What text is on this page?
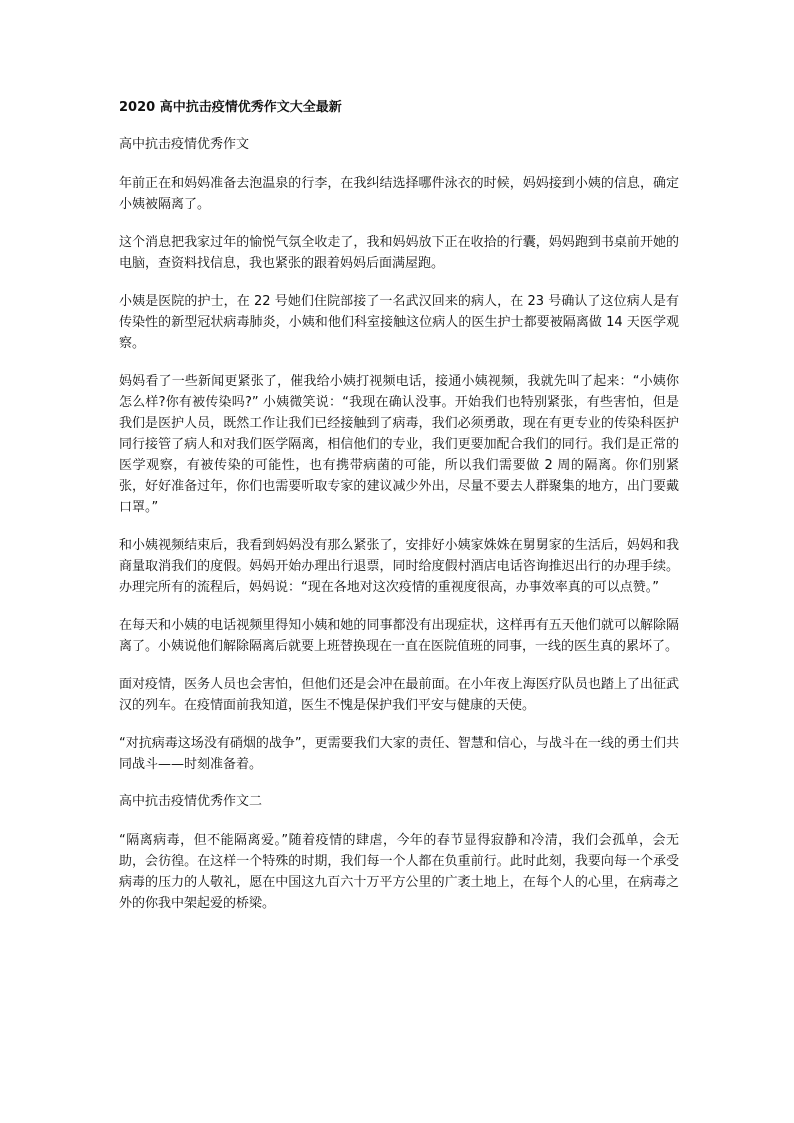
2020 高中抗击疫情优秀作文大全最新
高中抗击疫情优秀作文

年前正在和妈妈准备去泡温泉的行李，在我纠结选择哪件泳衣的时候，妈妈接到小姨的信息，确定小姨被隔离了。

这个消息把我家过年的愉悦气氛全收走了，我和妈妈放下正在收拾的行囊，妈妈跑到书桌前开她的电脑，查资料找信息，我也紧张的跟着妈妈后面满屋跑。

小姨是医院的护士，在 22 号她们住院部接了一名武汉回来的病人，在 23 号确认了这位病人是有传染性的新型冠状病毒肺炎，小姨和他们科室接触这位病人的医生护士都要被隔离做 14 天医学观察。

妈妈看了一些新闻更紧张了，催我给小姨打视频电话，接通小姨视频，我就先叫了起来：“小姨你怎么样?你有被传染吗?” 小姨微笑说：“我现在确认没事。开始我们也特别紧张，有些害怕，但是我们是医护人员，既然工作让我们已经接触到了病毒，我们必须勇敢，现在有更专业的传染科医护同行接管了病人和对我们医学隔离，相信他们的专业，我们更要加配合我们的同行。我们是正常的医学观察，有被传染的可能性，也有携带病菌的可能，所以我们需要做 2 周的隔离。你们别紧张，好好准备过年，你们也需要听取专家的建议减少外出，尽量不要去人群聚集的地方，出门要戴口罩。”

和小姨视频结束后，我看到妈妈没有那么紧张了，安排好小姨家姝姝在舅舅家的生活后，妈妈和我商量取消我们的度假。妈妈开始办理出行退票，同时给度假村酒店电话咨询推迟出行的办理手续。办理完所有的流程后，妈妈说：“现在各地对这次疫情的重视度很高，办事效率真的可以点赞。”

在每天和小姨的电话视频里得知小姨和她的同事都没有出现症状，这样再有五天他们就可以解除隔离了。小姨说他们解除隔离后就要上班替换现在一直在医院值班的同事，一线的医生真的累坏了。

面对疫情，医务人员也会害怕，但他们还是会冲在最前面。在小年夜上海医疗队员也踏上了出征武汉的列车。在疫情面前我知道，医生不愧是保护我们平安与健康的天使。

“对抗病毒这场没有硝烟的战争”，更需要我们大家的责任、智慧和信心，与战斗在一线的勇士们共同战斗——时刻准备着。

高中抗击疫情优秀作文二

“隔离病毒，但不能隔离爱。”随着疫情的肆虐，今年的春节显得寂静和冷清，我们会孤单，会无助，会彷徨。在这样一个特殊的时期，我们每一个人都在负重前行。此时此刻，我要向每一个承受病毒的压力的人敬礼，愿在中国这九百六十万平方公里的广袤土地上，在每个人的心里，在病毒之外的你我中架起爱的桥梁。
